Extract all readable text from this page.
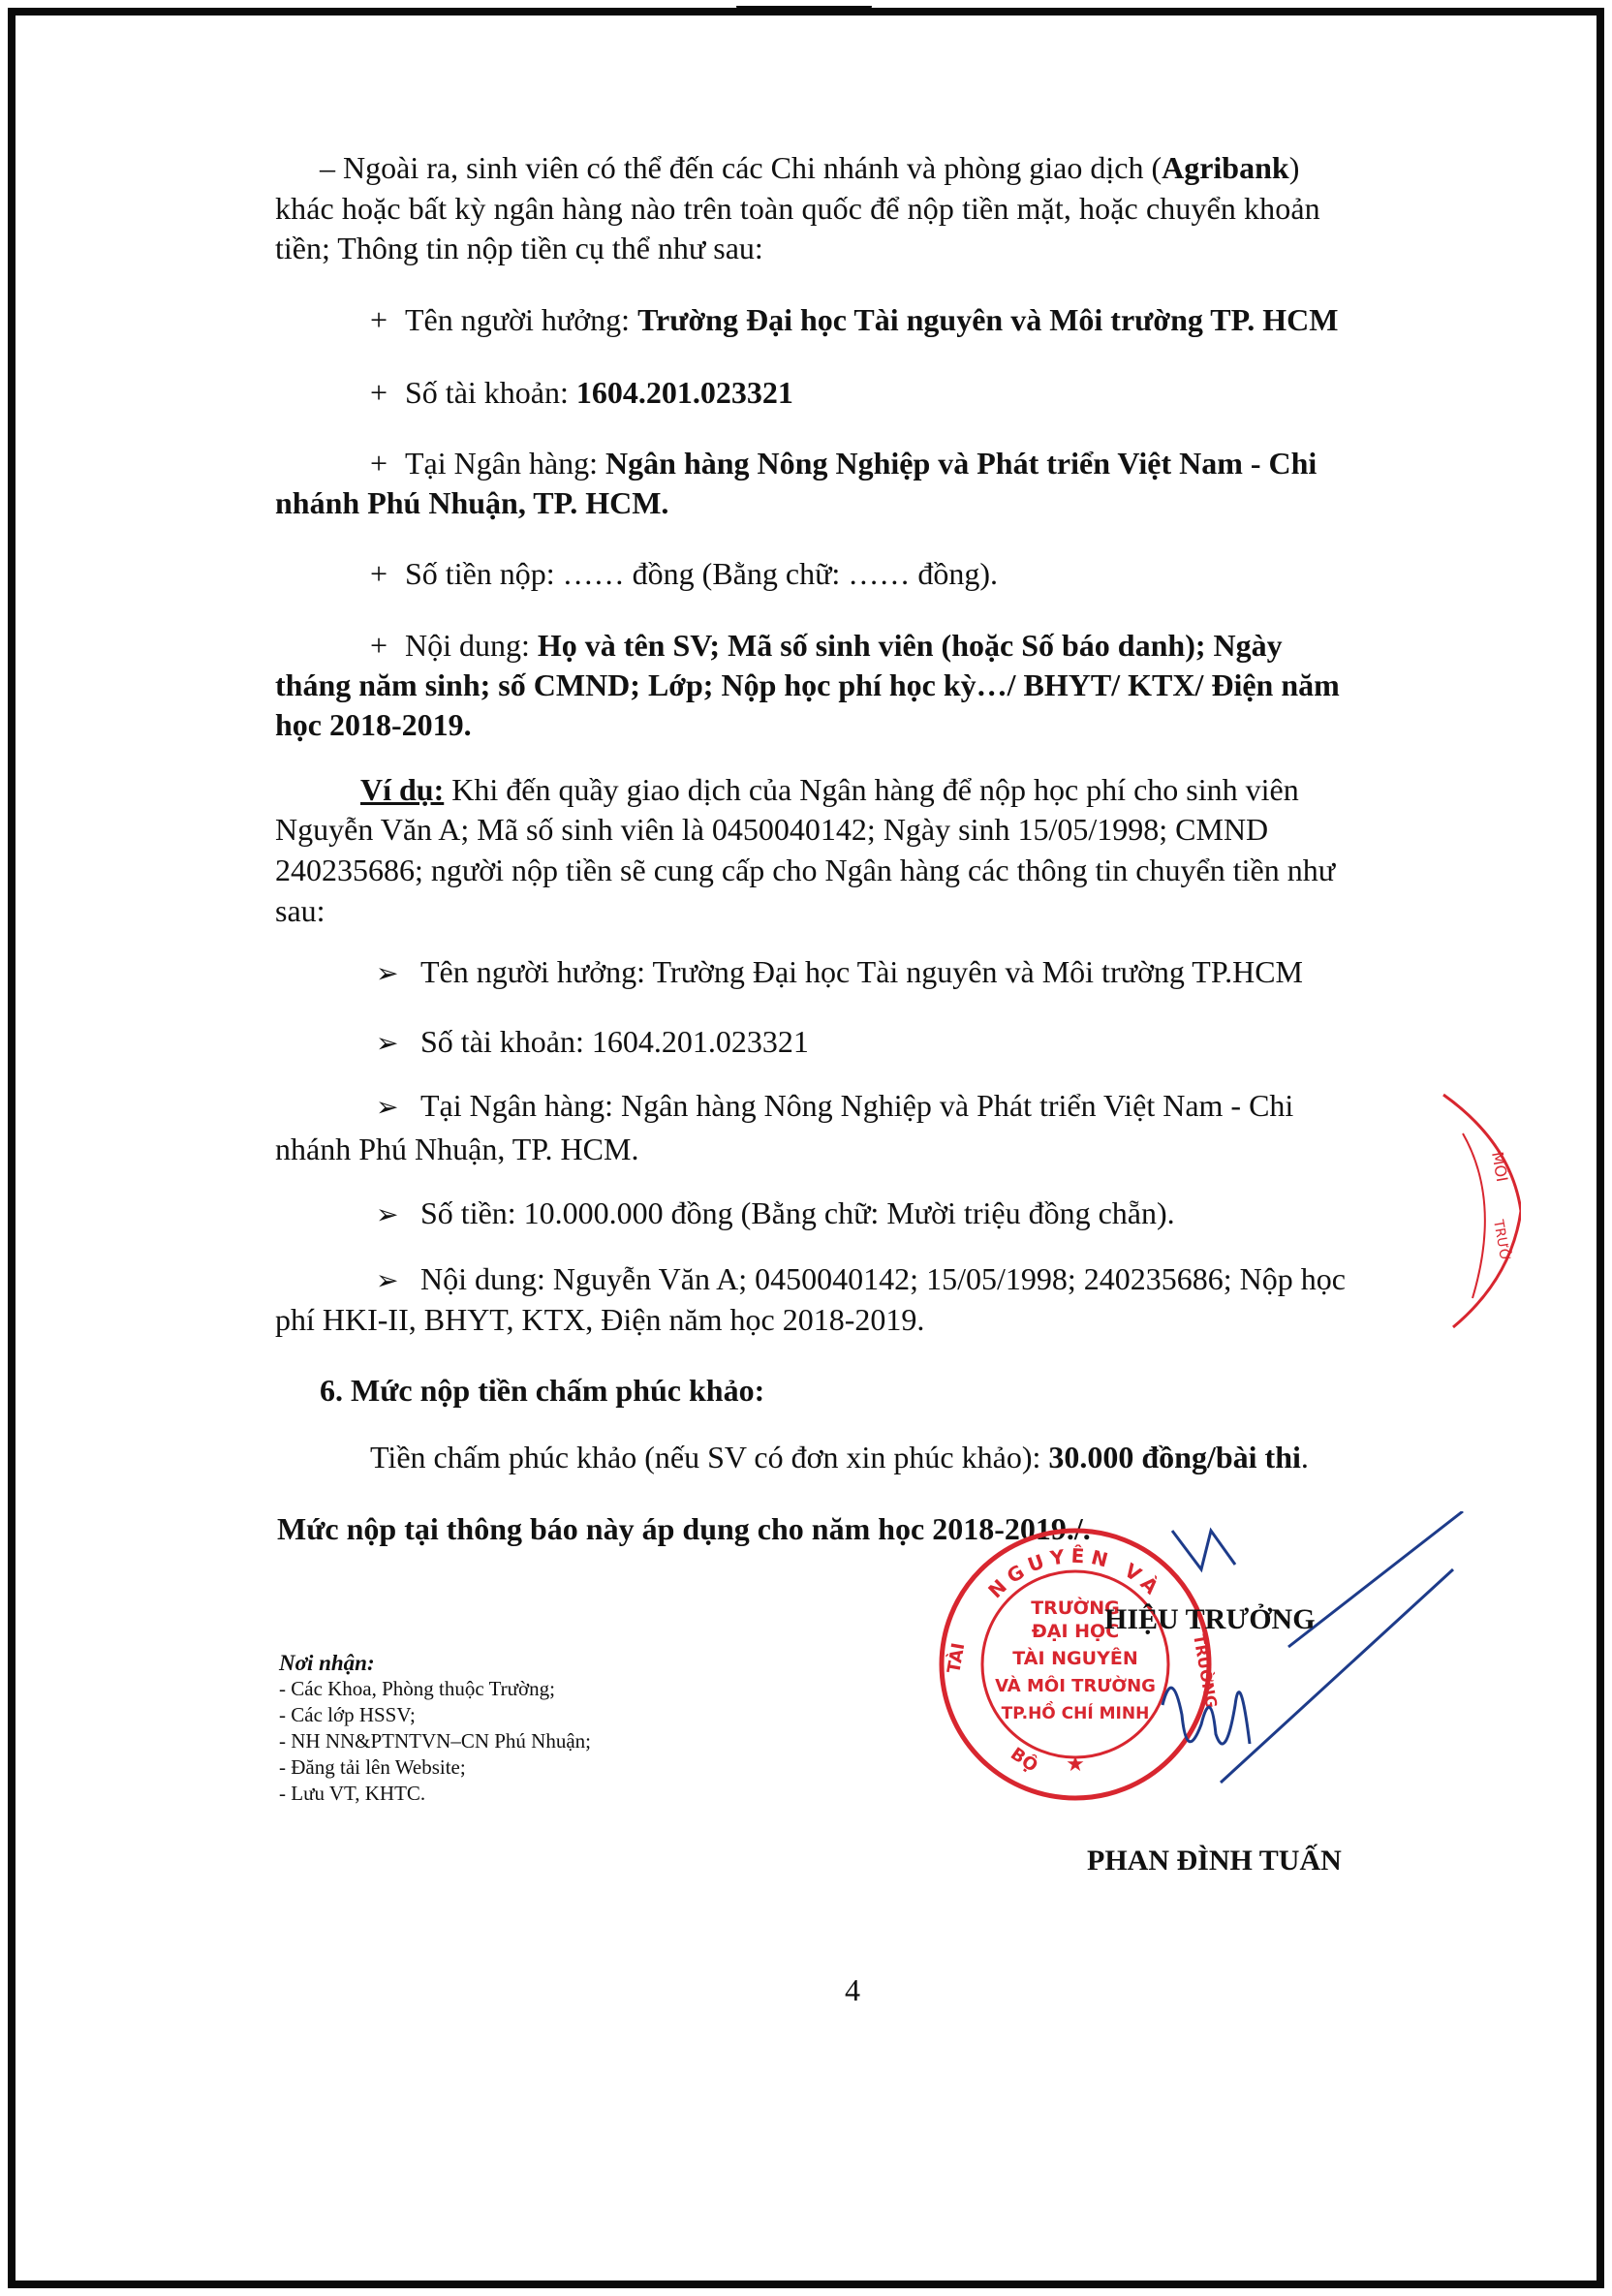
– Ngoài ra, sinh viên có thể đến các Chi nhánh và phòng giao dịch (Agribank)
khác hoặc bất kỳ ngân hàng nào trên toàn quốc để nộp tiền mặt, hoặc chuyển khoản
tiền; Thông tin nộp tiền cụ thể như sau:
+ Tên người hưởng: Trường Đại học Tài nguyên và Môi trường TP. HCM
+ Số tài khoản: 1604.201.023321
+ Tại Ngân hàng: Ngân hàng Nông Nghiệp và Phát triển Việt Nam - Chi
nhánh Phú Nhuận, TP. HCM.
+ Số tiền nộp: …… đồng (Bằng chữ: …… đồng).
+ Nội dung: Họ và tên SV; Mã số sinh viên (hoặc Số báo danh); Ngày
tháng năm sinh; số CMND; Lớp; Nộp học phí học kỳ…/ BHYT/ KTX/ Điện năm
học 2018-2019.
Ví dụ: Khi đến quầy giao dịch của Ngân hàng để nộp học phí cho sinh viên
Nguyễn Văn A; Mã số sinh viên là 0450040142; Ngày sinh 15/05/1998; CMND
240235686; người nộp tiền sẽ cung cấp cho Ngân hàng các thông tin chuyển tiền như
sau:
➢ Tên người hưởng: Trường Đại học Tài nguyên và Môi trường TP.HCM
➢ Số tài khoản: 1604.201.023321
➢ Tại Ngân hàng: Ngân hàng Nông Nghiệp và Phát triển Việt Nam - Chi
nhánh Phú Nhuận, TP. HCM.
➢ Số tiền: 10.000.000 đồng (Bằng chữ: Mười triệu đồng chẵn).
➢ Nội dung: Nguyễn Văn A; 0450040142; 15/05/1998; 240235686; Nộp học
phí HKI-II, BHYT, KTX, Điện năm học 2018-2019.
6. Mức nộp tiền chấm phúc khảo:
Tiền chấm phúc khảo (nếu SV có đơn xin phúc khảo): 30.000 đồng/bài thi.
Mức nộp tại thông báo này áp dụng cho năm học 2018-2019./.
NGUYÊN VÀ
TÀI	TRƯỜNG
TRƯỜNG
ĐẠI HỌC
TÀI NGUYÊN
VÀ MÔI TRƯỜNG
TP.HỒ CHÍ MINH
BỘ ★
MÔI
TRƯỜ
HIỆU TRƯỞNG
PHAN ĐÌNH TUẤN
Nơi nhận:
- Các Khoa, Phòng thuộc Trường;
- Các lớp HSSV;
- NH NN&PTNTVN–CN Phú Nhuận;
- Đăng tải lên Website;
- Lưu VT, KHTC.
4
